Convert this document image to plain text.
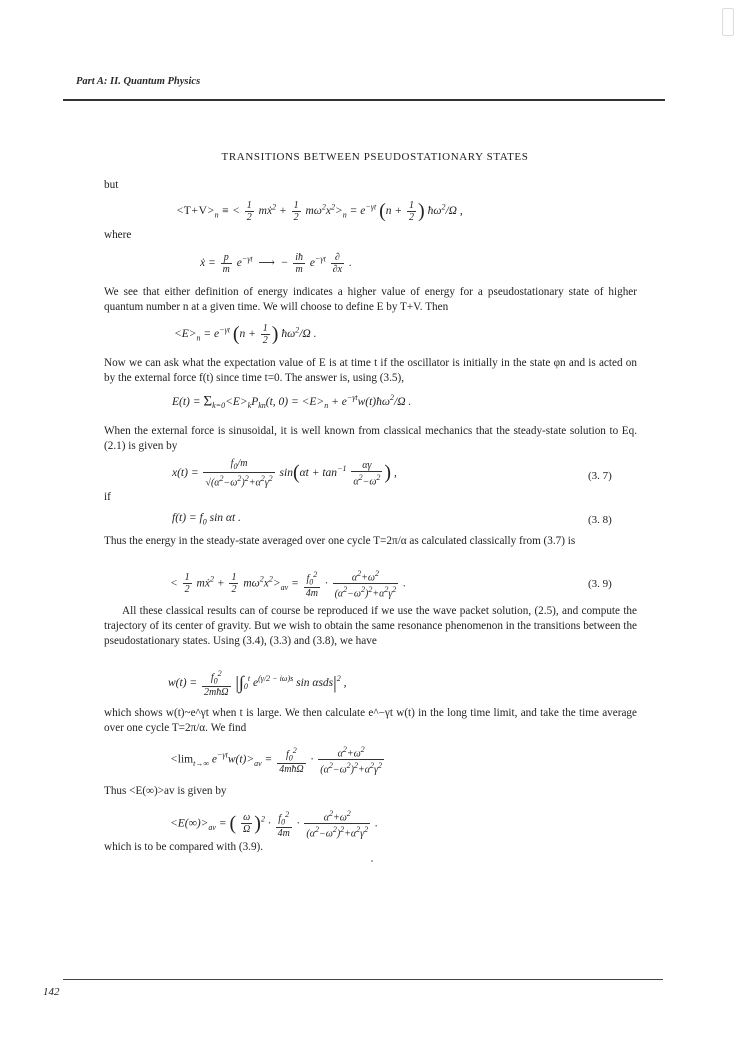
Part A: II. Quantum Physics
TRANSITIONS BETWEEN PSEUDOSTATIONARY STATES
but
$<T+V>_n$ ≡ < $\frac{1}{2}$ mẋ$^2$ + $\frac{1}{2} m\omega^2x^2>_n = e^{-\gamma t}$ ($n + \frac{1}{2}$ ) $ħ\omega^2/\Omega$ ,
where
ẋ = $\frac{p}{m} e^{-\gamma t}$  ⟶  − $\frac{iħ}{m} e^{-\gamma t} \frac{\partial}{\partial x}$ .
We see that either definition of energy indicates a higher value of energy for a pseudostationary state of higher quantum number n at a given time. We will choose to define E by T+V. Then
$<E>_n = e^{-\gamma t}$ ($n + \frac{1}{2}$ ) $ħ\omega^2/\Omega$ .
Now we can ask what the expectation value of E is at time t if the oscillator is initially in the state φn and is acted on by the external force f(t) since time t=0. The answer is, using (3.5),
$E(t) = \Sigma_{k=0}<E>_kP_{kn}(t$, $0) = <E>_n$ + $e^{-\gamma t}w(t)ħ\omega^2/\Omega$ .
When the external force is sinusoidal, it is well known from classical mechanics that the steady-state solution to Eq. (2.1) is given by
$x(t) = \frac{f_0/m}{√(\alpha^2-\omega^2)^2+\alpha^2\gamma^2} \sin(\alpha t + \tan^{-1} \frac{\alpha\gamma}{\alpha^2-\omega^2}$ ) ,	(3. 7)
if
$f(t) = f_0$ sin αt .	(3. 8)
Thus the energy in the steady-state averaged over one cycle T=2π/α as calculated classically from (3.7) is
< $\frac{1}{2}$ mẋ$^2$ + $\frac{1}{2} m\omega^2x^2>_{av} = \frac{f_0^2}{4m} \cdot \frac{\alpha^2+\omega^2}{(\alpha^2-\omega^2)^2+\alpha^2\gamma^2}$ .	(3. 9)
All these classical results can of course be reproduced if we use the wave packet solution, (2.5), and compute the trajectory of its center of gravity. But we wish to obtain the same resonance phenomenon in the transitions between the pseudostationary states. Using (3.4), (3.3) and (3.8), we have
$w(t) = \frac{f_0^2}{\text{2mħΩ}} |\int_0^t$ $e^{(\gamma/2 - i\omega)s}$ $\sin \alpha sds|^2$ ,
which shows w(t)~e^γt when t is large. We then calculate e^−γt w(t) in the long time limit, and take the time average over one cycle T=2π/α. We find
$<\lim_{t\to\infty}$ $e^{-\gamma t}w(t)>_{av} = \frac{f_0^2}{\text{4mħΩ}} \cdot \frac{\alpha^2+\omega^2}{(\alpha^2-\omega^2)^2+\alpha^2\gamma^2}$
Thus <E(∞)>av is given by
$<E(\infty)>_{av}$ = ( $\frac{\omega}{\Omega} )^2 \cdot \frac{f_0^2}{4m} \cdot \frac{\alpha^2+\omega^2}{(\alpha^2-\omega^2)^2+\alpha^2\gamma^2}$ .
which is to be compared with (3.9).
142
